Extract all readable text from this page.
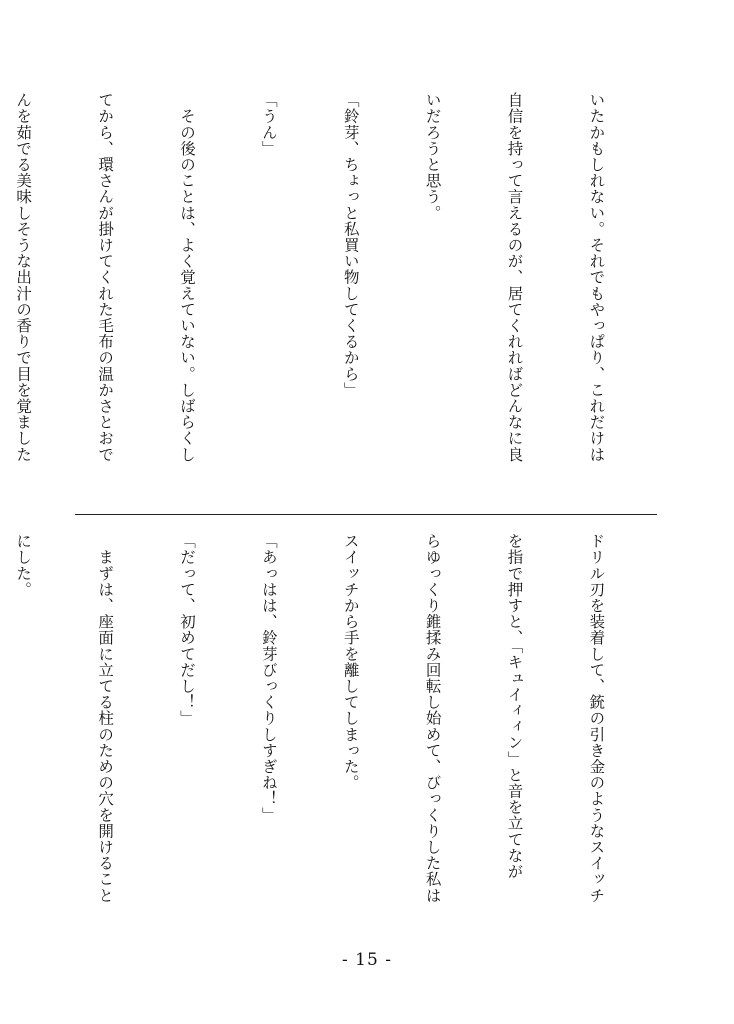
いたかもしれない。それでもやっぱり、これだけは

自信を持って言えるのが、居てくれればどんなに良

いだろうと思う。

「鈴芽、ちょっと私買い物してくるから」

「うん」

　その後のことは、よく覚えていない。しばらくし

てから、環さんが掛けてくれた毛布の温かさとおで

んを茹でる美味しそうな出汁の香りで目を覚ました

ドリル刃を装着して、銃の引き金のようなスイッチ

を指で押すと、「キュイィィン」と音を立てなが

らゆっくり錐揉み回転し始めて、びっくりした私は

スイッチから手を離してしまった。

「あっはは、鈴芽びっくりしすぎね！」

「だって、初めてだし！」

　まずは、座面に立てる柱のための穴を開けること

にした。

- 15 -
